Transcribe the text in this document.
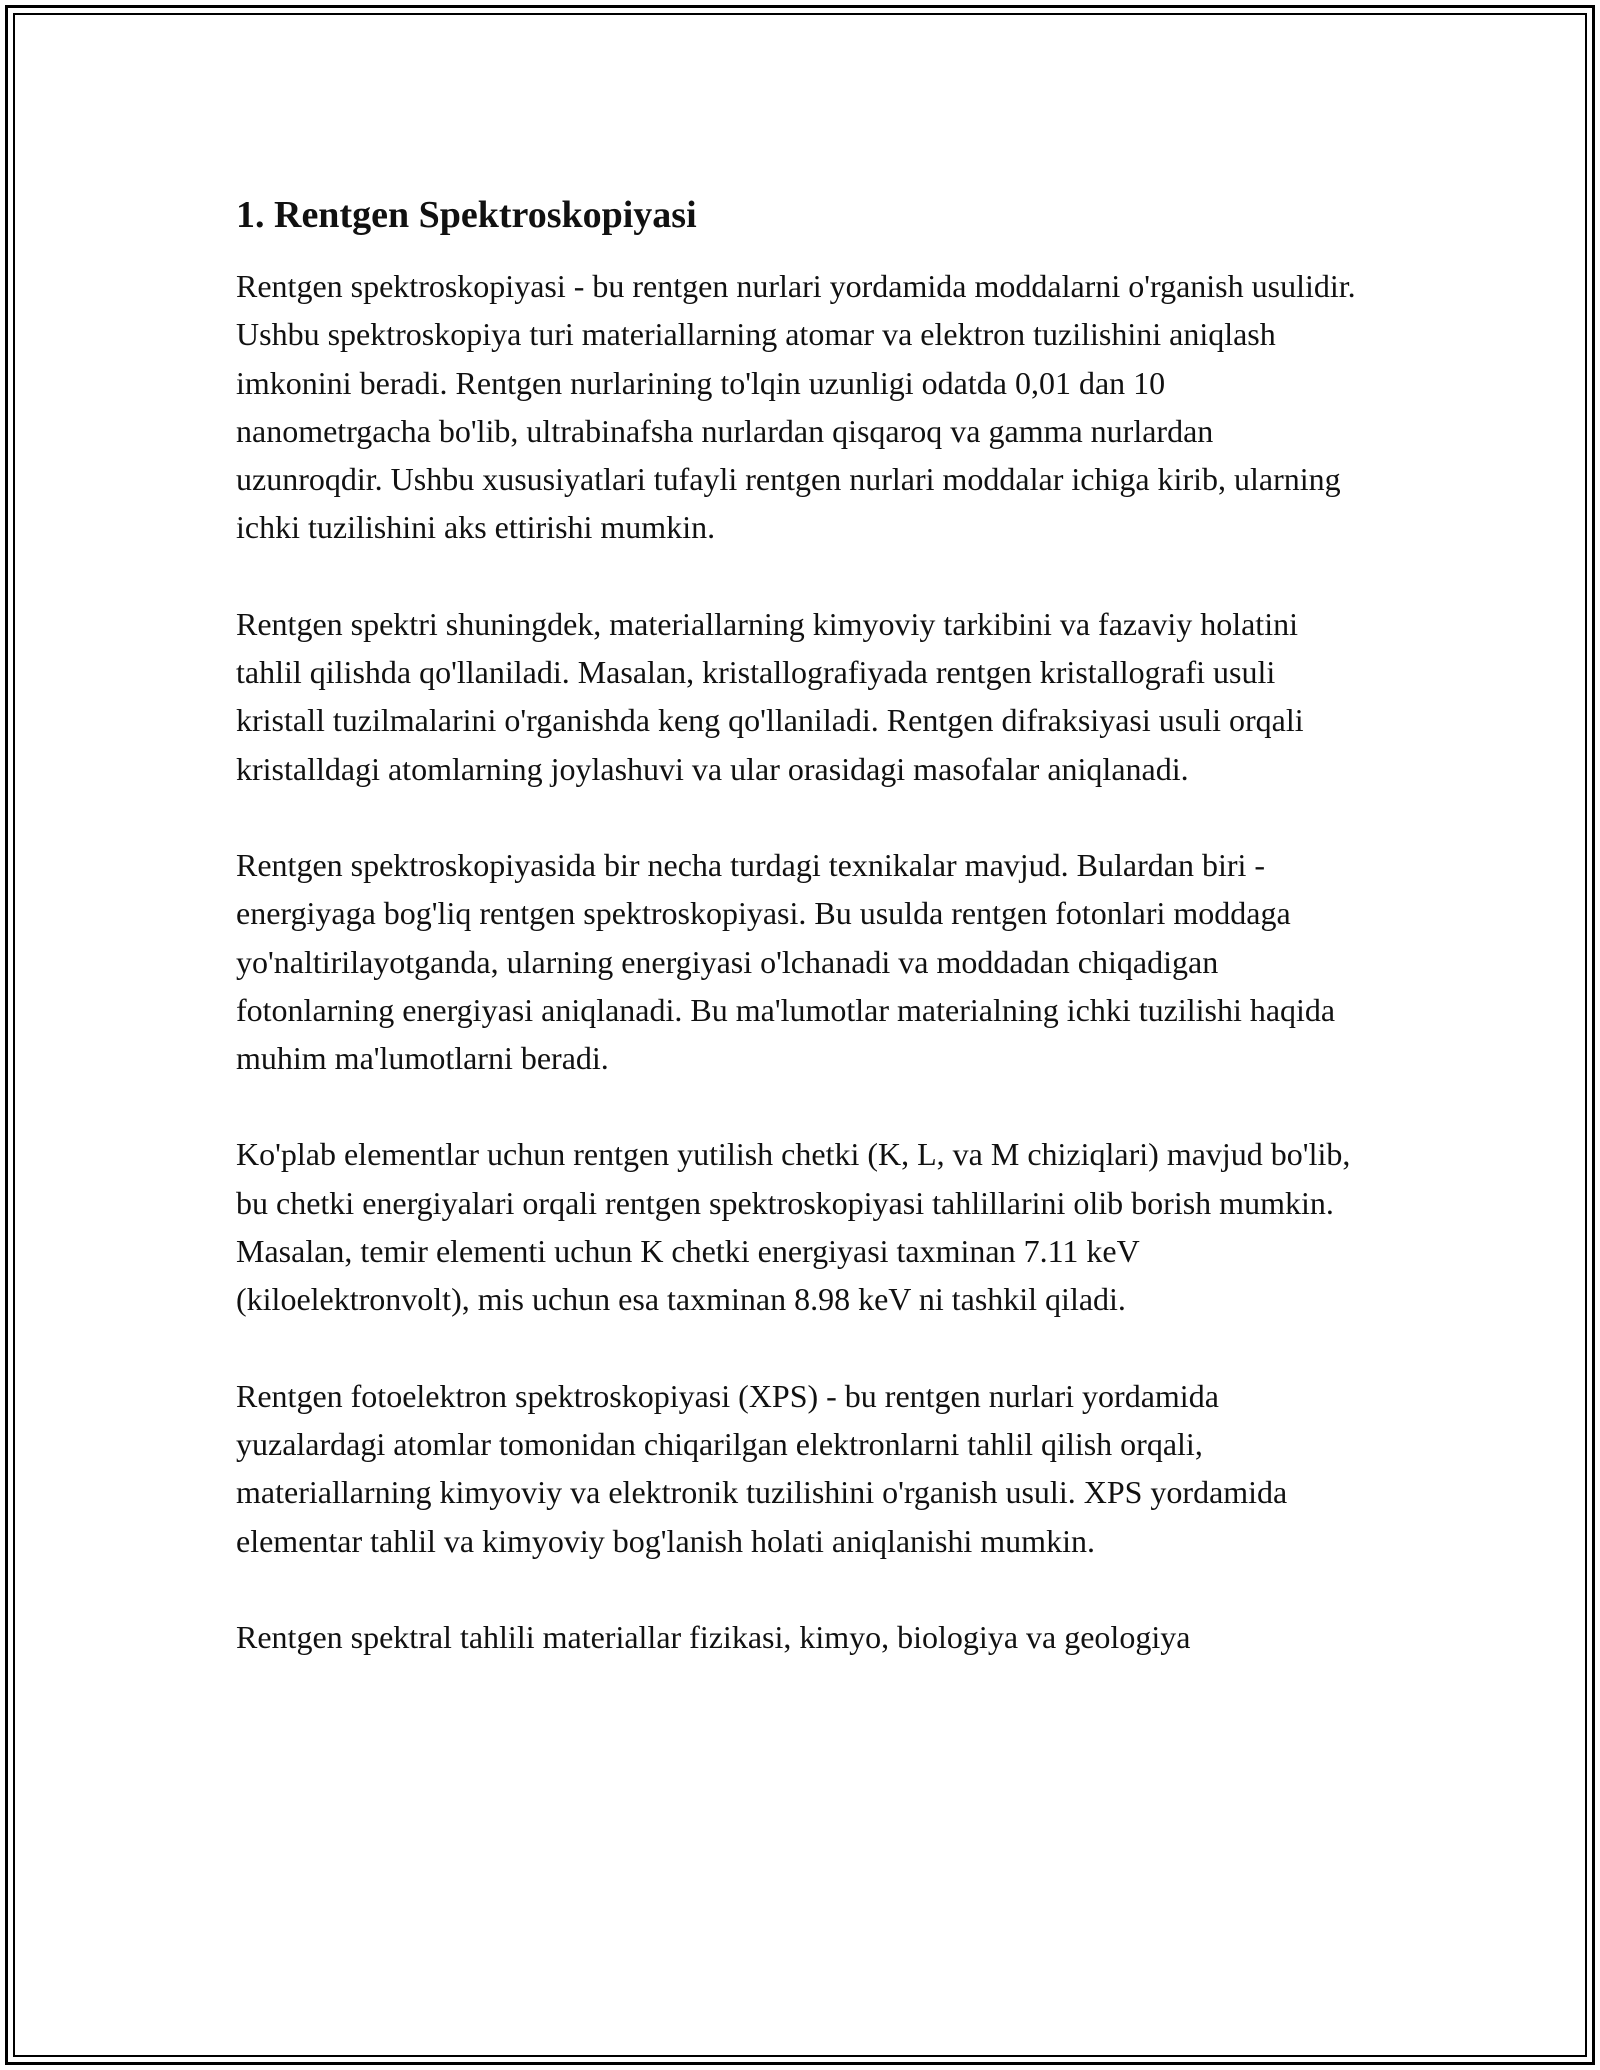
1. Rentgen Spektroskopiyasi

Rentgen spektroskopiyasi - bu rentgen nurlari yordamida moddalarni o'rganish usulidir. Ushbu spektroskopiya turi materiallarning atomar va elektron tuzilishini aniqlash imkonini beradi. Rentgen nurlarining to'lqin uzunligi odatda 0,01 dan 10 nanometrgacha bo'lib, ultrabinafsha nurlardan qisqaroq va gamma nurlardan uzunroqdir. Ushbu xususiyatlari tufayli rentgen nurlari moddalar ichiga kirib, ularning ichki tuzilishini aks ettirishi mumkin.

Rentgen spektri shuningdek, materiallarning kimyoviy tarkibini va fazaviy holatini tahlil qilishda qo'llaniladi. Masalan, kristallografiyada rentgen kristallografi usuli kristall tuzilmalarini o'rganishda keng qo'llaniladi. Rentgen difraksiyasi usuli orqali kristalldagi atomlarning joylashuvi va ular orasidagi masofalar aniqlanadi.

Rentgen spektroskopiyasida bir necha turdagi texnikalar mavjud. Bulardan biri - energiyaga bog'liq rentgen spektroskopiyasi. Bu usulda rentgen fotonlari moddaga yo'naltirilayotganda, ularning energiyasi o'lchanadi va moddadan chiqadigan fotonlarning energiyasi aniqlanadi. Bu ma'lumotlar materialning ichki tuzilishi haqida muhim ma'lumotlarni beradi.

Ko'plab elementlar uchun rentgen yutilish chetki (K, L, va M chiziqlari) mavjud bo'lib, bu chetki energiyalari orqali rentgen spektroskopiyasi tahlillarini olib borish mumkin. Masalan, temir elementi uchun K chetki energiyasi taxminan 7.11 keV (kiloelektronvolt), mis uchun esa taxminan 8.98 keV ni tashkil qiladi.

Rentgen fotoelektron spektroskopiyasi (XPS) - bu rentgen nurlari yordamida yuzalardagi atomlar tomonidan chiqarilgan elektronlarni tahlil qilish orqali, materiallarning kimyoviy va elektronik tuzilishini o'rganish usuli. XPS yordamida elementar tahlil va kimyoviy bog'lanish holati aniqlanishi mumkin.

Rentgen spektral tahlili materiallar fizikasi, kimyo, biologiya va geologiya
